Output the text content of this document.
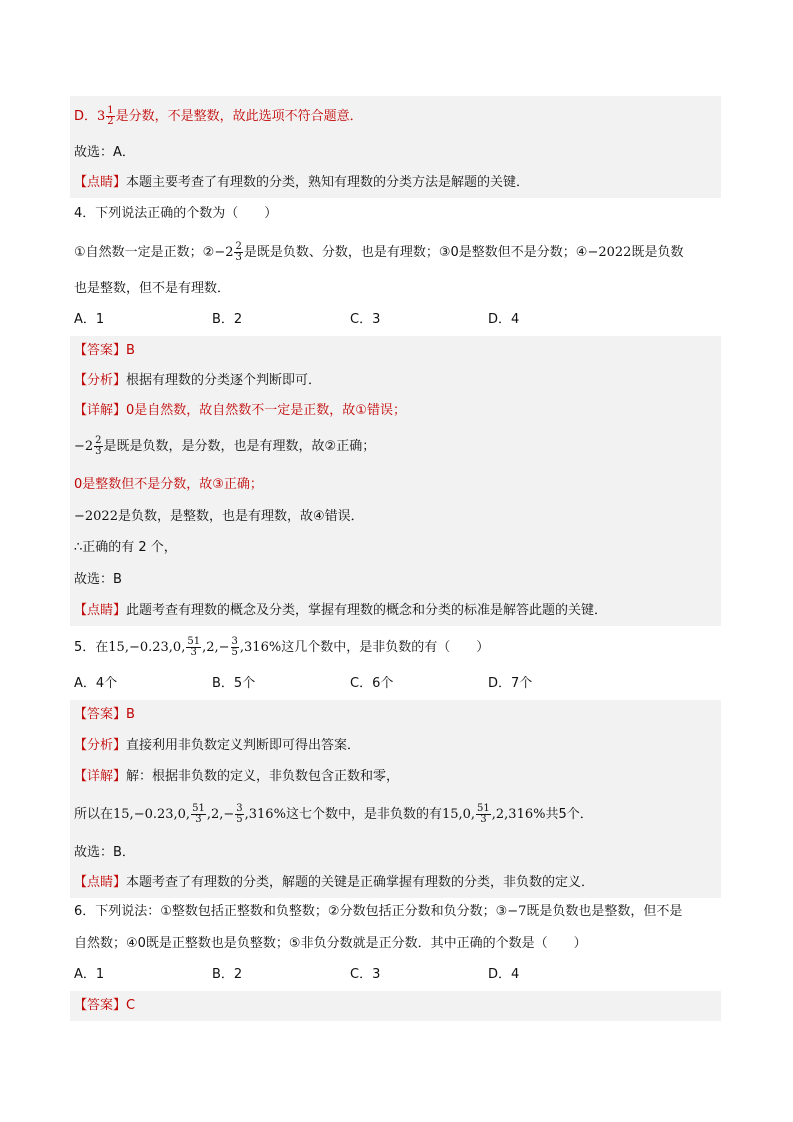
D．$3 \frac{1}{2}$ 是分数，不是整数，故此选项不符合题意．
故选：A．
【点睛】本题主要考查了有理数的分类，熟知有理数的分类方法是解题的关键．
4．下列说法正确的个数为（　　）
①自然数一定是正数；②−2 $\frac{2}{3}$ 是既是负数、分数，也是有理数；③0是整数但不是分数；④−2022既是负数
也是整数，但不是有理数．
A．1	B．2	C．3	D．4
【答案】B
【分析】根据有理数的分类逐个判断即可．
【详解】0是自然数，故自然数不一定是正数，故①错误；
$-2 \frac{2}{3}$ 是既是负数，是分数，也是有理数，故②正确；
0是整数但不是分数，故③正确；
−2022是负数，是整数，也是有理数，故④错误．
∴正确的有 2 个，
故选：B
【点睛】此题考查有理数的概念及分类，掌握有理数的概念和分类的标准是解答此题的关键．
5．在15,−0.23,0, $\frac{51}{3} ,2,- \frac{3}{5} ,316\%$这几个数中，是非负数的有（　　）
A．4个	B．5个	C．6个	D．7个
【答案】B
【分析】直接利用非负数定义判断即可得出答案．
【详解】解：根据非负数的定义，非负数包含正数和零，
所以在15,−0.23,0, $\frac{51}{3} ,2,- \frac{3}{5} ,316\%$这七个数中，是非负数的有15,0, $\frac{51}{3} ,2,316\%$共5个．
故选：B．
【点睛】本题考查了有理数的分类，解题的关键是正确掌握有理数的分类，非负数的定义．
6．下列说法：①整数包括正整数和负整数；②分数包括正分数和负分数；③−7既是负数也是整数，但不是
自然数；④0既是正整数也是负整数；⑤非负分数就是正分数．其中正确的个数是（　　）
A．1	B．2	C．3	D．4
【答案】C
